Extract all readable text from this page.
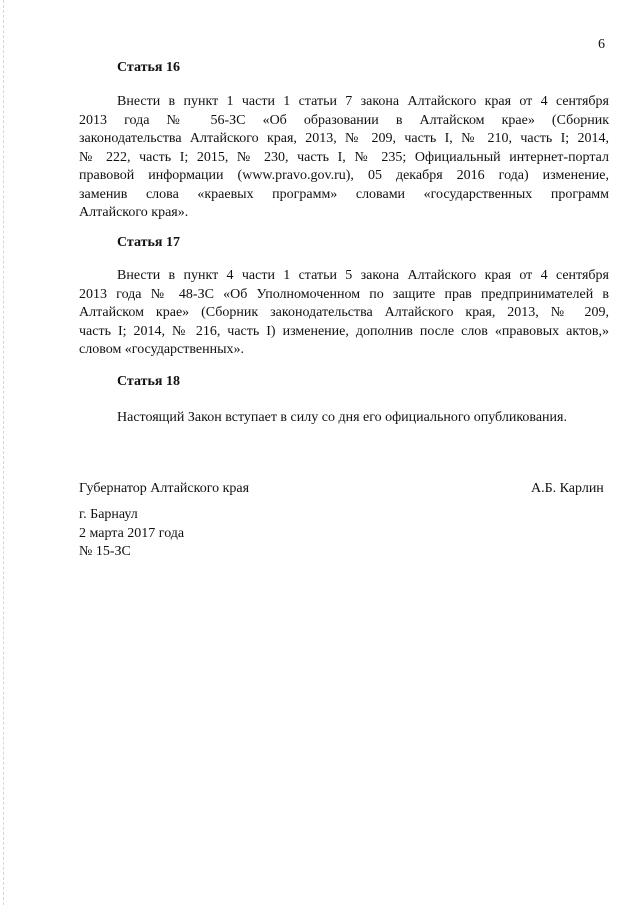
6
Статья 16
Внести в пункт 1 части 1 статьи 7 закона Алтайского края от 4 сентября
2013 года № 56-ЗС «Об образовании в Алтайском крае» (Сборник
законодательства Алтайского края, 2013, № 209, часть I, № 210, часть I; 2014,
№ 222, часть I; 2015, № 230, часть I, № 235; Официальный интернет-портал
правовой информации (www.pravo.gov.ru), 05 декабря 2016 года) изменение,
заменив слова «краевых программ» словами «государственных программ
Алтайского края».
Статья 17
Внести в пункт 4 части 1 статьи 5 закона Алтайского края от 4 сентября
2013 года № 48-ЗС «Об Уполномоченном по защите прав предпринимателей в
Алтайском крае» (Сборник законодательства Алтайского края, 2013, № 209,
часть I; 2014, № 216, часть I) изменение, дополнив после слов «правовых актов,»
словом «государственных».
Статья 18
Настоящий Закон вступает в силу со дня его официального опубликования.
Губернатор Алтайского края	А.Б. Карлин
г. Барнаул
2 марта 2017 года
№ 15-ЗС
